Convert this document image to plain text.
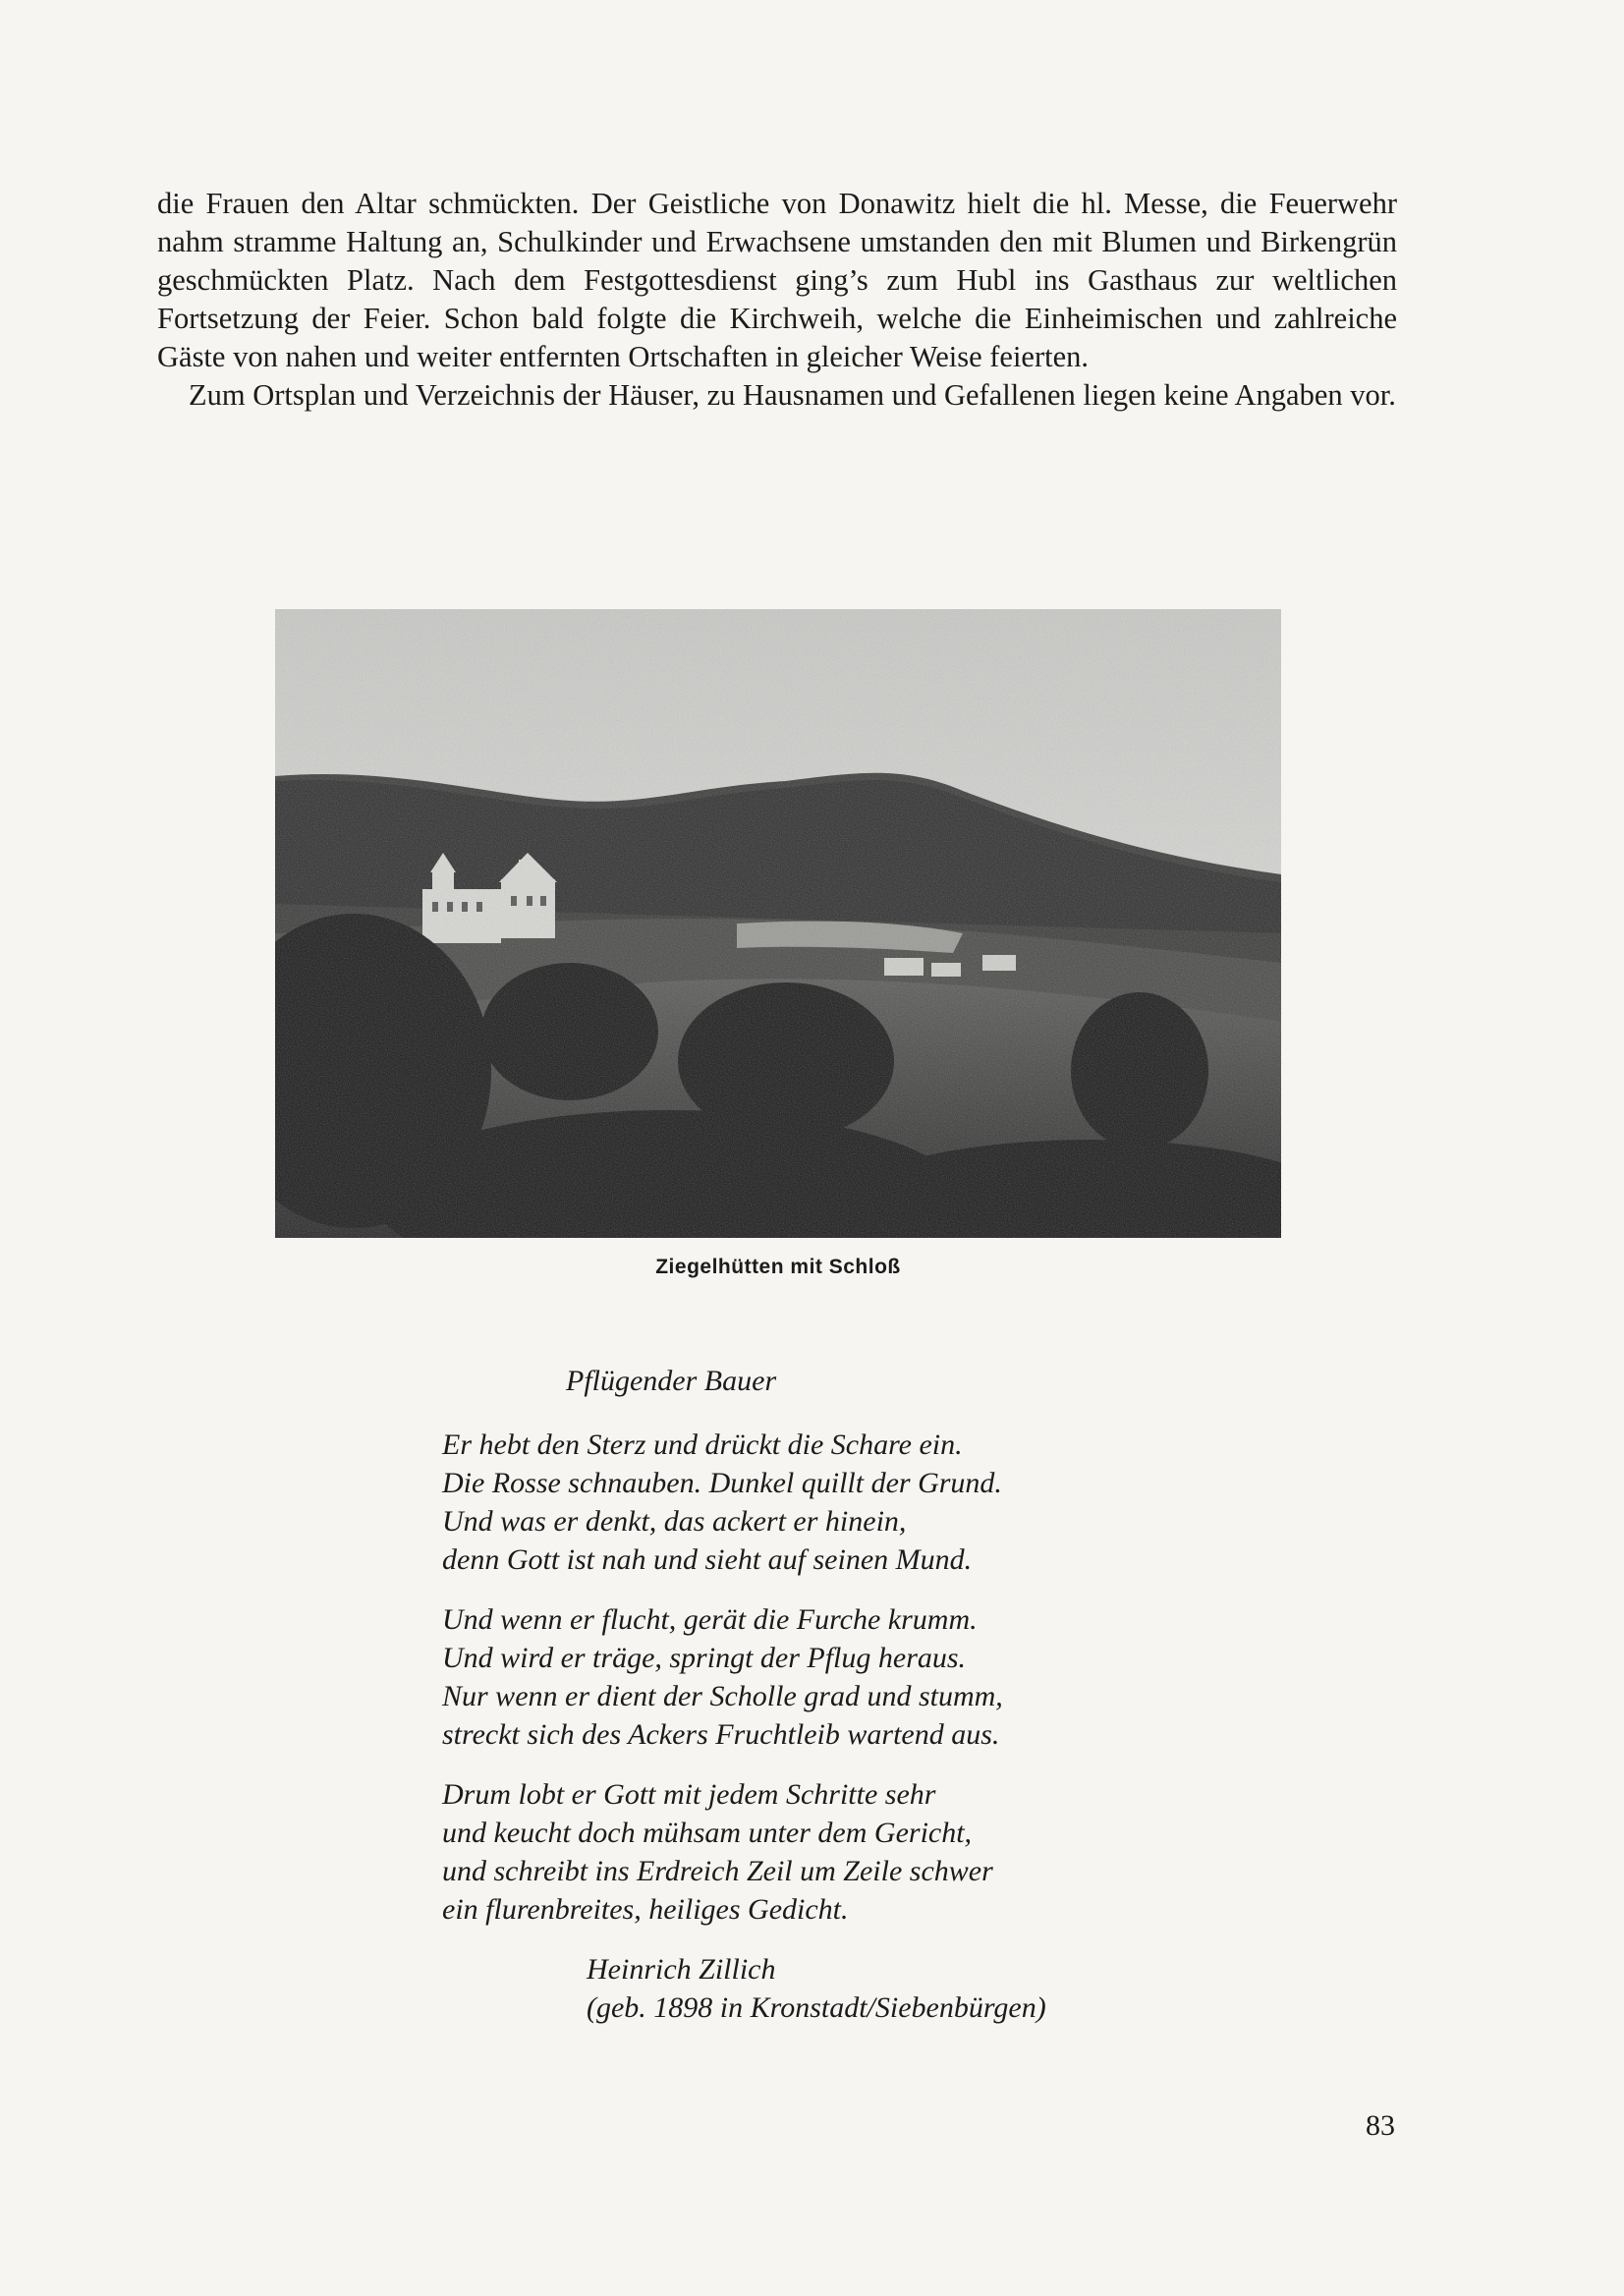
die Frauen den Altar schmückten. Der Geistliche von Donawitz hielt die hl. Messe, die Feuerwehr nahm stramme Haltung an, Schulkinder und Erwachsene umstanden den mit Blumen und Birkengrün geschmückten Platz. Nach dem Festgottesdienst ging’s zum Hubl ins Gasthaus zur weltlichen Fortsetzung der Feier. Schon bald folgte die Kirchweih, welche die Einheimischen und zahlreiche Gäste von nahen und weiter entfernten Ortschaften in gleicher Weise feierten.

Zum Ortsplan und Verzeichnis der Häuser, zu Hausnamen und Gefallenen liegen keine Angaben vor.

Ziegelhütten mit Schloß
Pflügender Bauer
Er hebt den Sterz und drückt die Schare ein.
Die Rosse schnauben. Dunkel quillt der Grund.
Und was er denkt, das ackert er hinein,
denn Gott ist nah und sieht auf seinen Mund.
Und wenn er flucht, gerät die Furche krumm.
Und wird er träge, springt der Pflug heraus.
Nur wenn er dient der Scholle grad und stumm,
streckt sich des Ackers Fruchtleib wartend aus.
Drum lobt er Gott mit jedem Schritte sehr
und keucht doch mühsam unter dem Gericht,
und schreibt ins Erdreich Zeil um Zeile schwer
ein flurenbreites, heiliges Gedicht.
Heinrich Zillich
(geb. 1898 in Kronstadt/Siebenbürgen)
83
